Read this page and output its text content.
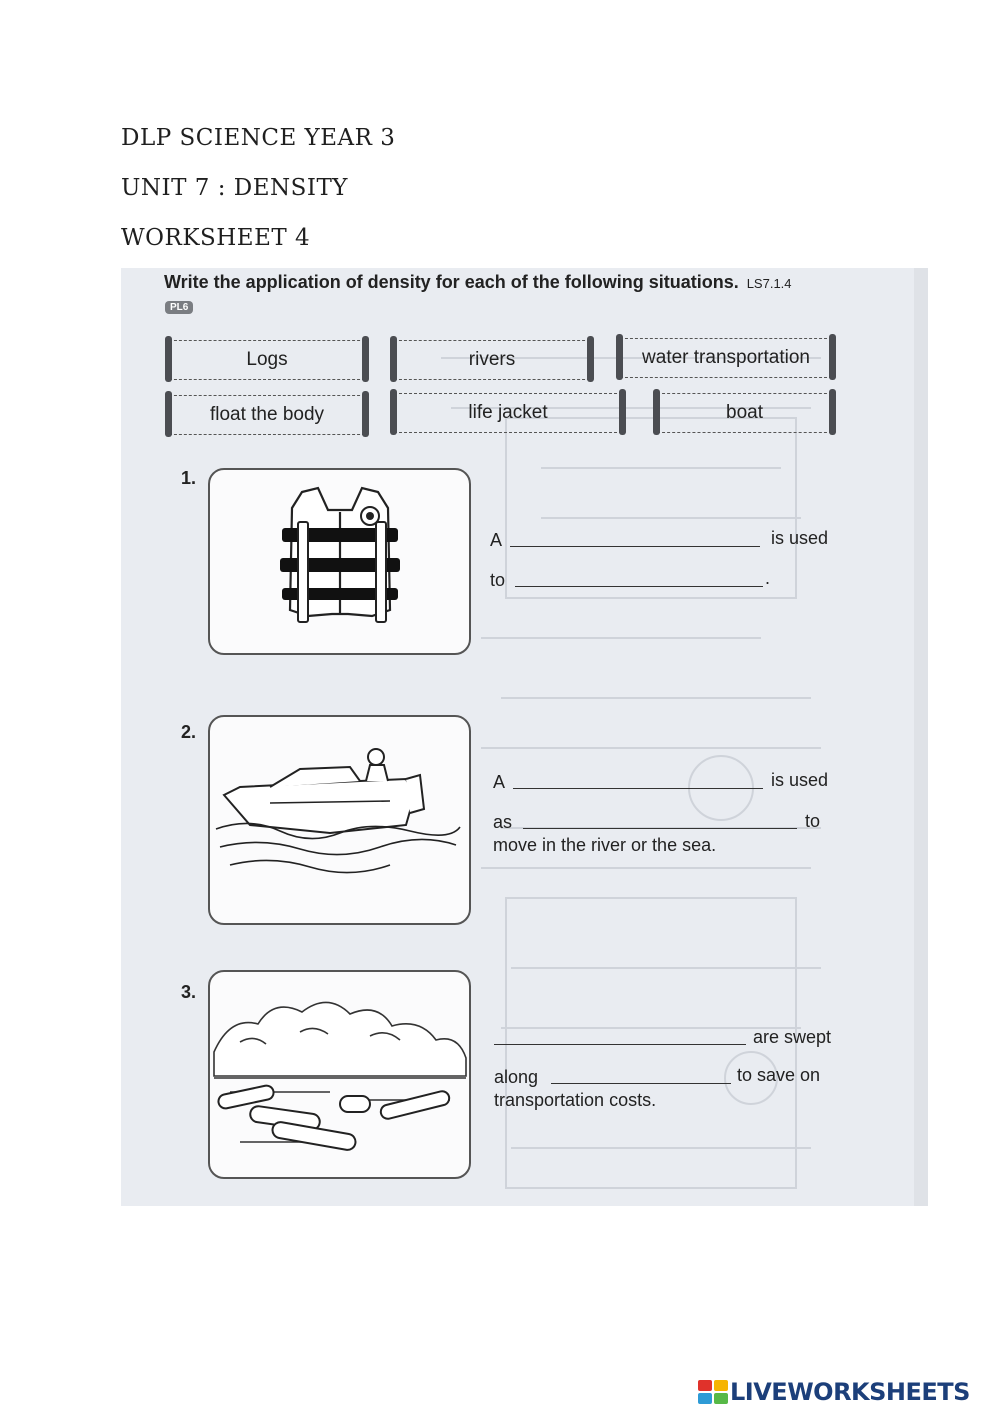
DLP SCIENCE YEAR 3
UNIT 7 : DENSITY
WORKSHEET 4
Write the application of density for each of the following situations. LS7.1.4
PL6
Logs	rivers	water transportation
float the body	life jacket	boat
1.
A	is used
to	.
2.
A	is used
as	to
move in the river or the sea.
3.
are swept
along	to save on
transportation costs.
LIVEWORKSHEETS
